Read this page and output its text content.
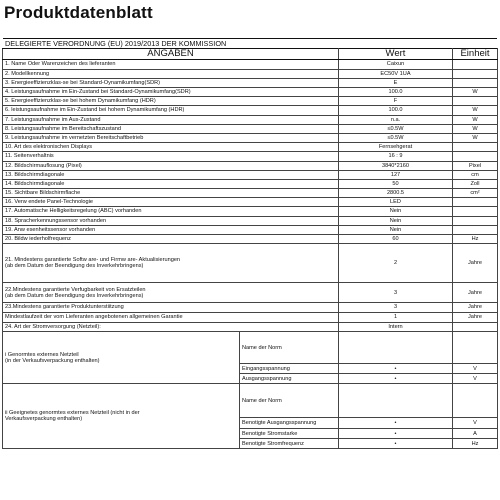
Produktdatenblatt
DELEGIERTE VERORDNUNG (EU) 2019/2013 DER KOMMISSION
ANGABEN		Wert	Einheit
1. Name Oder Warenzeichen des lieferanten		Caixun	
2. Modellkennung		EC50V 1UA	
3. Energieeffizienzklas-se bei Standard-Oynamikumfang(SDR)		E	
4. Leistungsaufnahme im Ein-Zustand bei Standard-Oynamikumfang(SDR)		100.0	W
5. Energieeffizienzklas-se bei hohem Dynamikumfang (HDR)		F	
6. leistungsaufnahme im Ein-Zustand bei hohem Dynamikumfang (HDR)		100.0	W
7. Leistungsaufnahme im Aus-Zustand		n.a.	W
8. Leistungsaufnahme im Bereitschaftszustand		≤0.5W	W
9. Leistungsaufnahme im vernetzten Bereitschaftbetrieb		≤0.5W	W
10. Art des elektronischen Displays		Fernsehgerat	
11. Seitenverhaltnis		16 : 9	
12. Bildschirmauflosung (Pixel)		3840*2160	Pixel
13. Bildschirmdiagonale		127	cm
14. Bildschirmdiagonale		50	Zoll
15. Sichtbare Bildschirmflache		2800.5	cm²
16. Verw endete Panel-Technologie		LED	
17. Automatische Helligkeitsregelung (ABC) vorhanden		Nein	
18. Spracherkennungssensor vorhanden		Nein	
19. Anw esenheitssensor vorhanden		Nein	
20. Bildw iederholfrequenz		60	Hz

21. Mindestens garantierte Softw are- und Firmw are- Aktualisierungen
(ab dem Datum der Beendigung des Inverkehrbringens)		2	Jahre

22.Mindestens garantierte Verfugbarkeit von Ersatzteilen
(ab dem Datum der Beendigung des Inverkehrbringens)		3	Jahre
23.Mindestens garantierte Produktunterstiitzung		3	Jahre
Mindestlaufzeit der vom Lieferanten angebotenen allgemeinen Garantie		1	Jahre
24. Art der Stromversorgung (Netzteil):		Intern	

i Genormtes externes Netzteil
(in der Verkaufsverpackung enthalten)	Name der Norm		
	Eingangsspannung	•	V
	Ausgangsspannung	•	V

ii Geeignetes genormtes externes Netzteil (nicht in der
Verkaufsverpackung enthalten)	Name der Norm		
	Benotigte Ausgangsspannung	•	V
	Benotigte Stromstarke	•	A
	Benotigte Stromfrequenz	•	Hz
